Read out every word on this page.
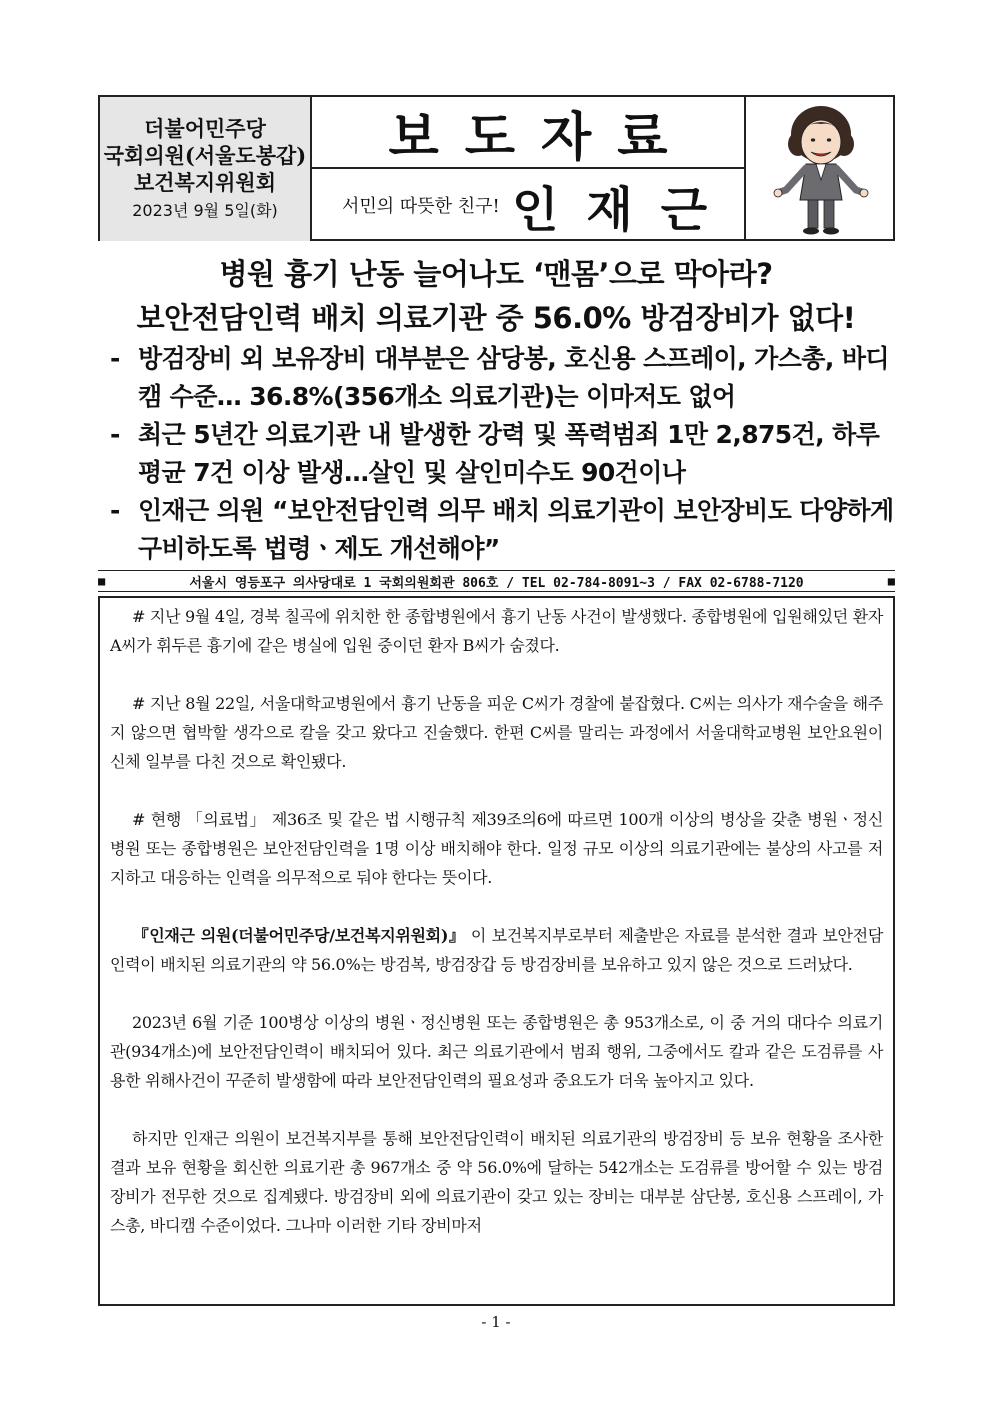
더불어민주당
국회의원(서울도봉갑)
보건복지위원회
2023년 9월 5일(화)
보도자료
서민의 따뜻한 친구! 인재근
병원 흉기 난동 늘어나도 ‘맨몸’으로 막아라?
보안전담인력 배치 의료기관 중 56.0% 방검장비가 없다!
- 방검장비 외 보유장비 대부분은 삼당봉, 호신용 스프레이, 가스총, 바디캠 수준… 36.8%(356개소 의료기관)는 이마저도 없어
- 최근 5년간 의료기관 내 발생한 강력 및 폭력범죄 1만 2,875건, 하루 평균 7건 이상 발생…살인 및 살인미수도 90건이나
- 인재근 의원 “보안전담인력 의무 배치 의료기관이 보안장비도 다양하게 구비하도록 법령ㆍ제도 개선해야”
■	서울시 영등포구 의사당대로 1 국회의원회관 806호 / TEL 02-784-8091~3 / FAX 02-6788-7120	■

# 지난 9월 4일, 경북 칠곡에 위치한 한 종합병원에서 흉기 난동 사건이 발생했다. 종합병원에 입원해있던 환자 A씨가 휘두른 흉기에 같은 병실에 입원 중이던 환자 B씨가 숨졌다.

# 지난 8월 22일, 서울대학교병원에서 흉기 난동을 피운 C씨가 경찰에 붙잡혔다. C씨는 의사가 재수술을 해주지 않으면 협박할 생각으로 칼을 갖고 왔다고 진술했다. 한편 C씨를 말리는 과정에서 서울대학교병원 보안요원이 신체 일부를 다친 것으로 확인됐다.

# 현행 「의료법」 제36조 및 같은 법 시행규칙 제39조의6에 따르면 100개 이상의 병상을 갖춘 병원ㆍ정신병원 또는 종합병원은 보안전담인력을 1명 이상 배치해야 한다. 일정 규모 이상의 의료기관에는 불상의 사고를 저지하고 대응하는 인력을 의무적으로 둬야 한다는 뜻이다.

『인재근 의원(더불어민주당/보건복지위원회)』 이 보건복지부로부터 제출받은 자료를 분석한 결과 보안전담인력이 배치된 의료기관의 약 56.0%는 방검복, 방검장갑 등 방검장비를 보유하고 있지 않은 것으로 드러났다.

2023년 6월 기준 100병상 이상의 병원ㆍ정신병원 또는 종합병원은 총 953개소로, 이 중 거의 대다수 의료기관(934개소)에 보안전담인력이 배치되어 있다. 최근 의료기관에서 범죄 행위, 그중에서도 칼과 같은 도검류를 사용한 위해사건이 꾸준히 발생함에 따라 보안전담인력의 필요성과 중요도가 더욱 높아지고 있다.

하지만 인재근 의원이 보건복지부를 통해 보안전담인력이 배치된 의료기관의 방검장비 등 보유 현황을 조사한 결과 보유 현황을 회신한 의료기관 총 967개소 중 약 56.0%에 달하는 542개소는 도검류를 방어할 수 있는 방검장비가 전무한 것으로 집계됐다. 방검장비 외에 의료기관이 갖고 있는 장비는 대부분 삼단봉, 호신용 스프레이, 가스총, 바디캠 수준이었다. 그나마 이러한 기타 장비마저

- 1 -
